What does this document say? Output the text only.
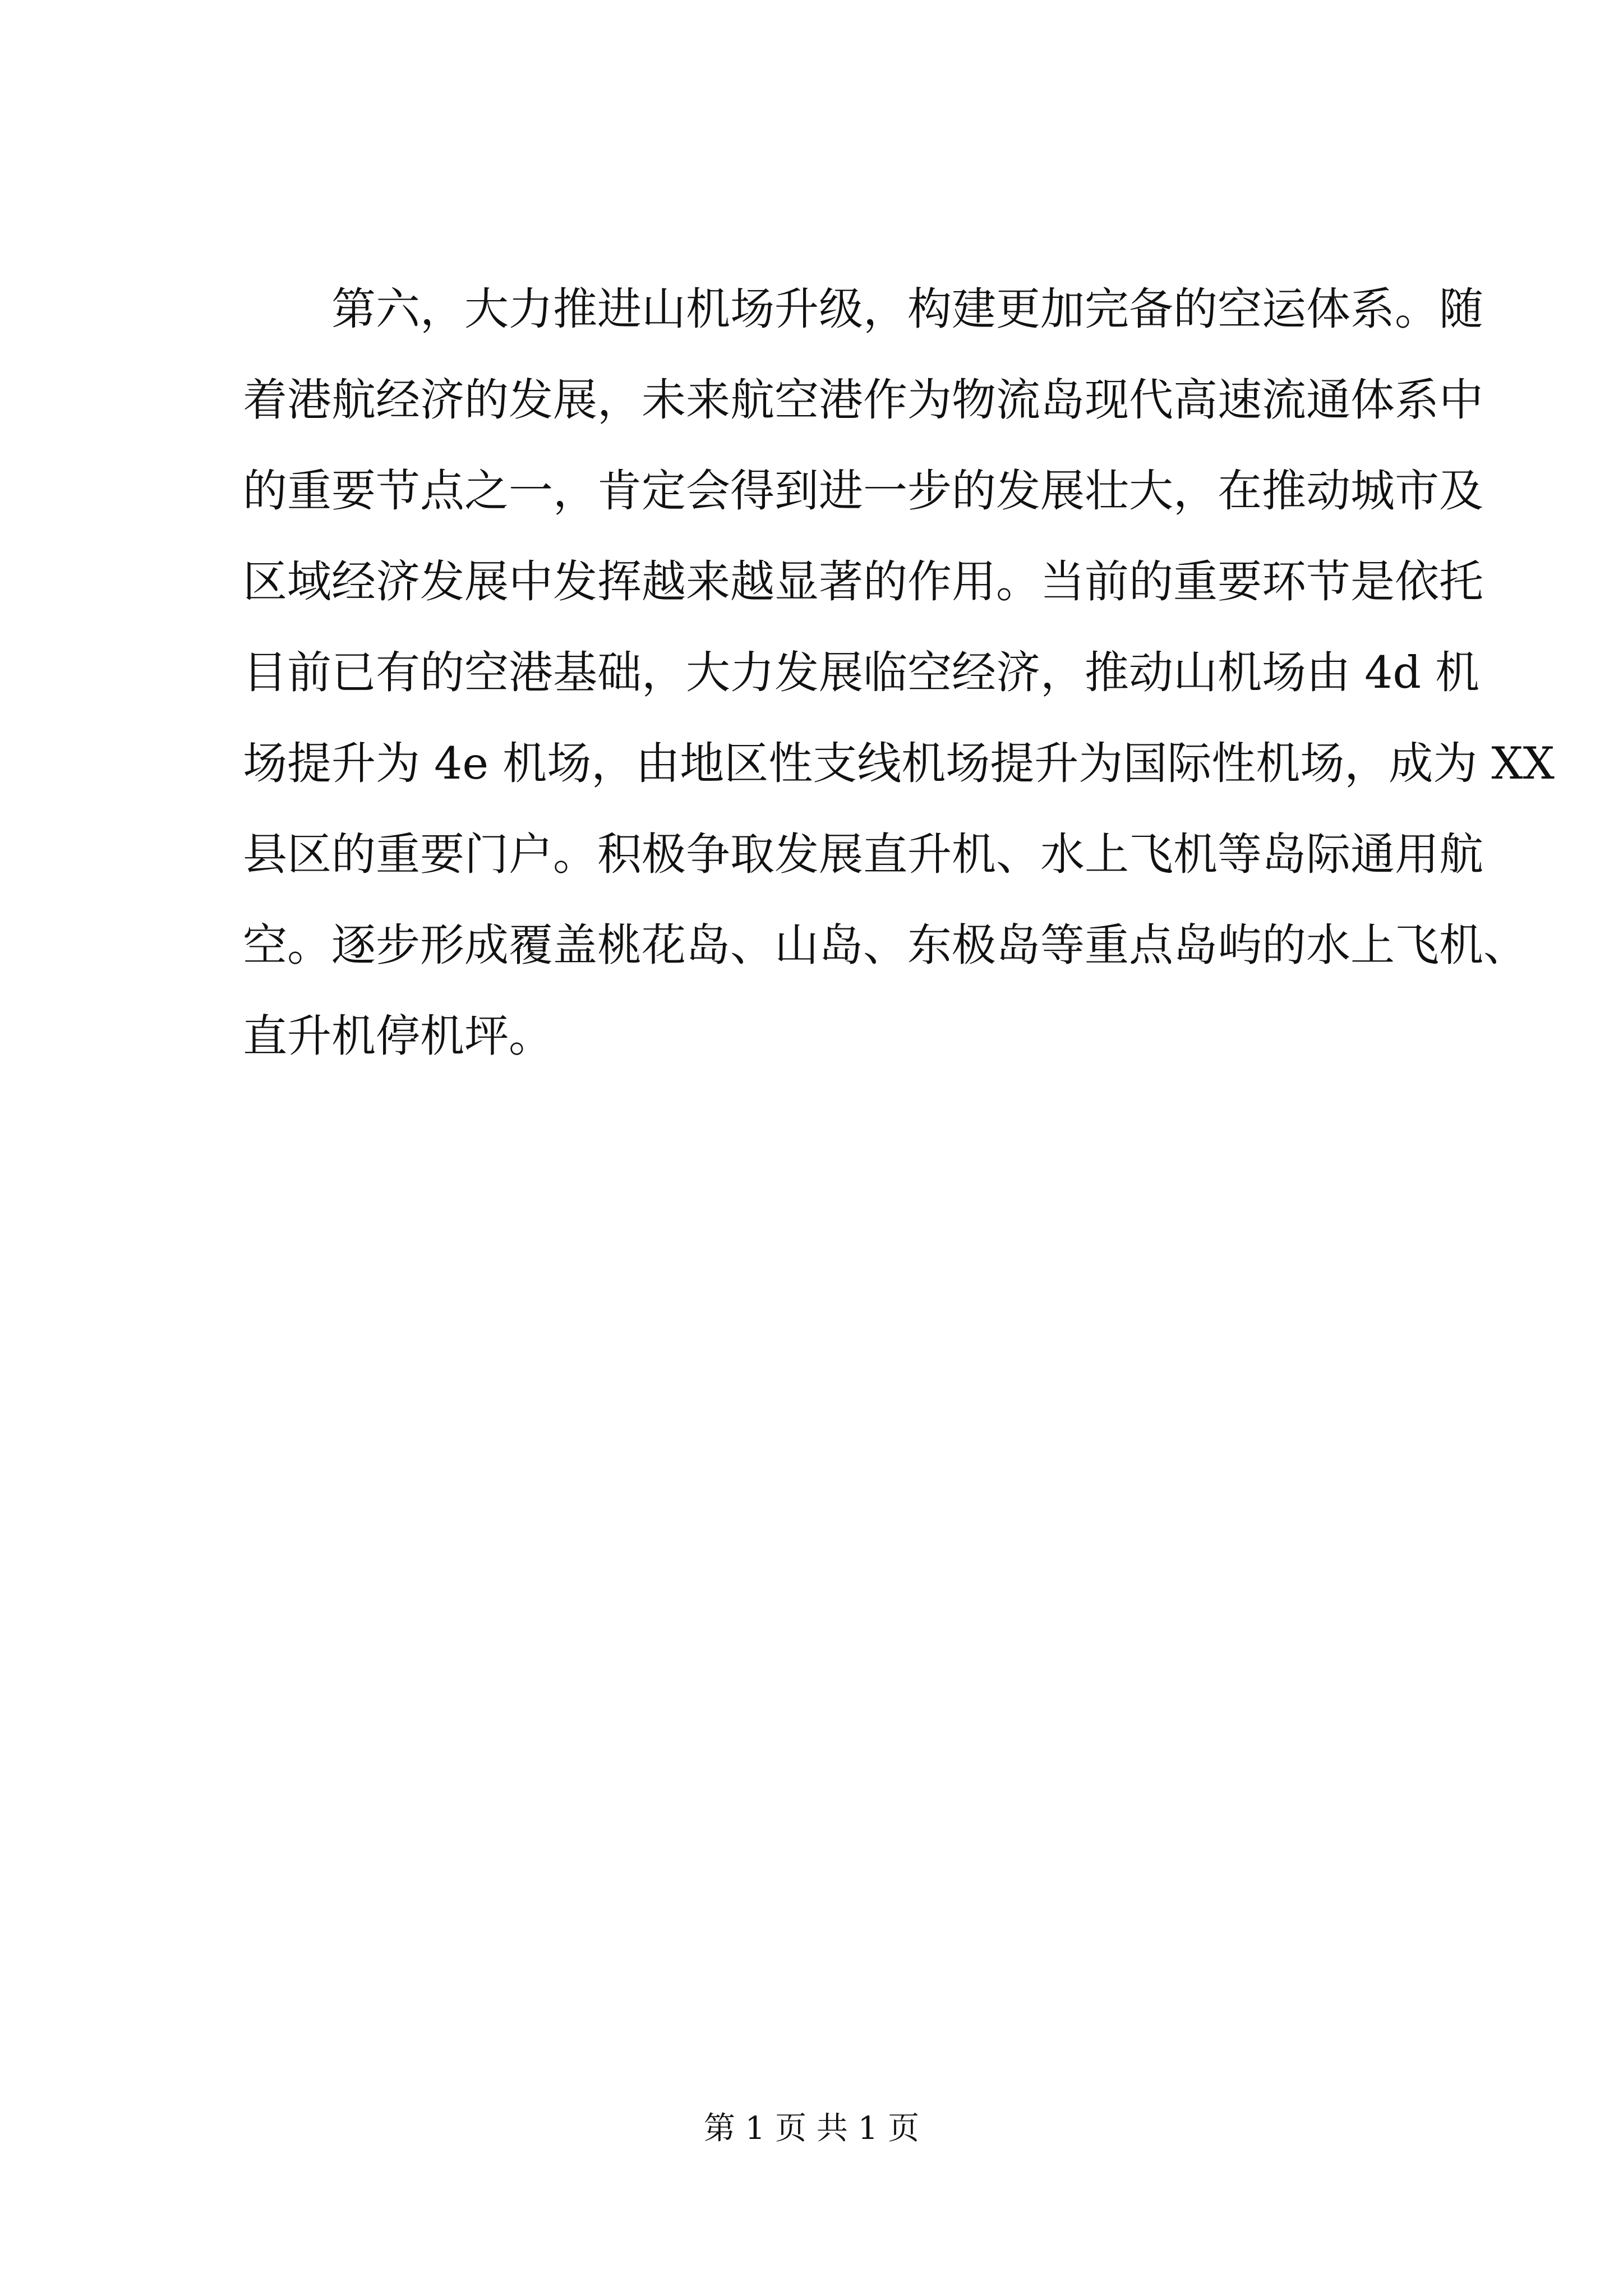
第六，大力推进山机场升级，构建更加完备的空运体系。随
着港航经济的发展，未来航空港作为物流岛现代高速流通体系中
的重要节点之一，肯定会得到进一步的发展壮大，在推动城市及
区域经济发展中发挥越来越显著的作用。当前的重要环节是依托
目前已有的空港基础，大力发展临空经济，推动山机场由 4d 机
场提升为 4e 机场，由地区性支线机场提升为国际性机场，成为 XX
县区的重要门户。积极争取发展直升机、水上飞机等岛际通用航
空。逐步形成覆盖桃花岛、山岛、东极岛等重点岛屿的水上飞机、
直升机停机坪。
第 1 页 共 1 页
